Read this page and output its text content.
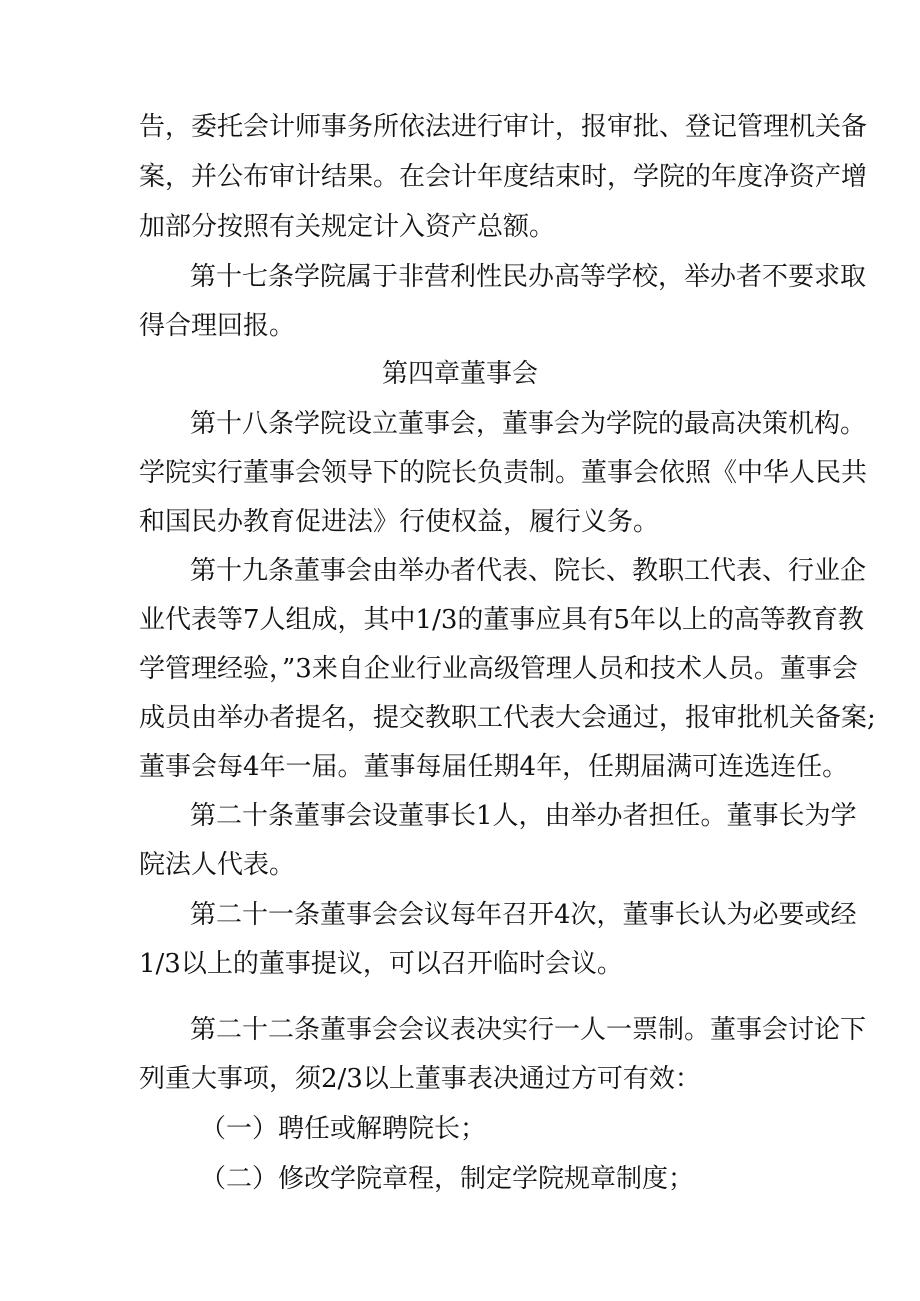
告，委托会计师事务所依法进行审计，报审批、登记管理机关备
案，并公布审计结果。在会计年度结束时，学院的年度净资产增
加部分按照有关规定计入资产总额。
第十七条学院属于非营利性民办高等学校，举办者不要求取
得合理回报。
第四章董事会
第十八条学院设立董事会，董事会为学院的最高决策机构。
学院实行董事会领导下的院长负责制。董事会依照《中华人民共
和国民办教育促进法》行使权益，履行义务。
第十九条董事会由举办者代表、院长、教职工代表、行业企
业代表等7人组成，其中1/3的董事应具有5年以上的高等教育教
学管理经验，”3来自企业行业高级管理人员和技术人员。董事会
成员由举办者提名，提交教职工代表大会通过，报审批机关备案;
董事会每4年一届。董事每届任期4年，任期届满可连选连任。
第二十条董事会设董事长1人，由举办者担任。董事长为学
院法人代表。
第二十一条董事会会议每年召开4次，董事长认为必要或经
1/3以上的董事提议，可以召开临时会议。
第二十二条董事会会议表决实行一人一票制。董事会讨论下
列重大事项，须2/3以上董事表决通过方可有效：
（一）聘任或解聘院长；
（二）修改学院章程，制定学院规章制度；
